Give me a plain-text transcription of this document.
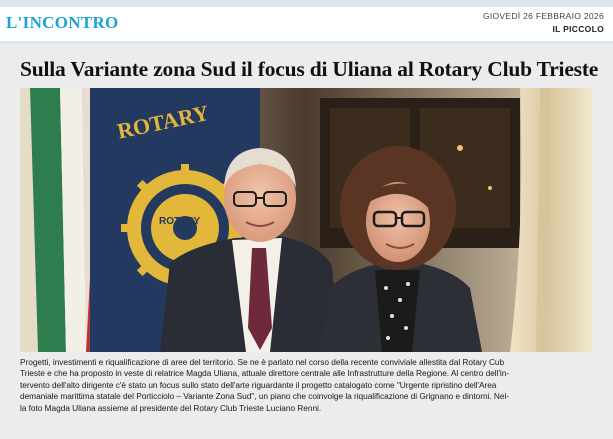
L'INCONTRO	GIOVEDÌ 26 FEBBRAIO 2026
IL PICCOLO
Sulla Variante zona Sud il focus di Uliana al Rotary Club Trieste
ROTARY
ROTARY
Progetti, investimenti e riqualificazione di aree del territorio. Se ne è parlato nel corso della recente conviviale allestita dal Rotary Cub
Trieste e che ha proposto in veste di relatrice Magda Uliana, attuale direttore centrale alle Infrastrutture della Regione. Al centro dell'in-
tervento dell'alto dirigente c'è stato un focus sullo stato dell'arte riguardante il progetto catalogato come "Urgente ripristino dell'Area
demaniale marittima statale del Porticciolo – Variante Zona Sud", un piano che coinvolge la riqualificazione di Grignano e dintorni. Nel-
la foto Magda Uliana assieme al presidente del Rotary Club Trieste Luciano Renni.
